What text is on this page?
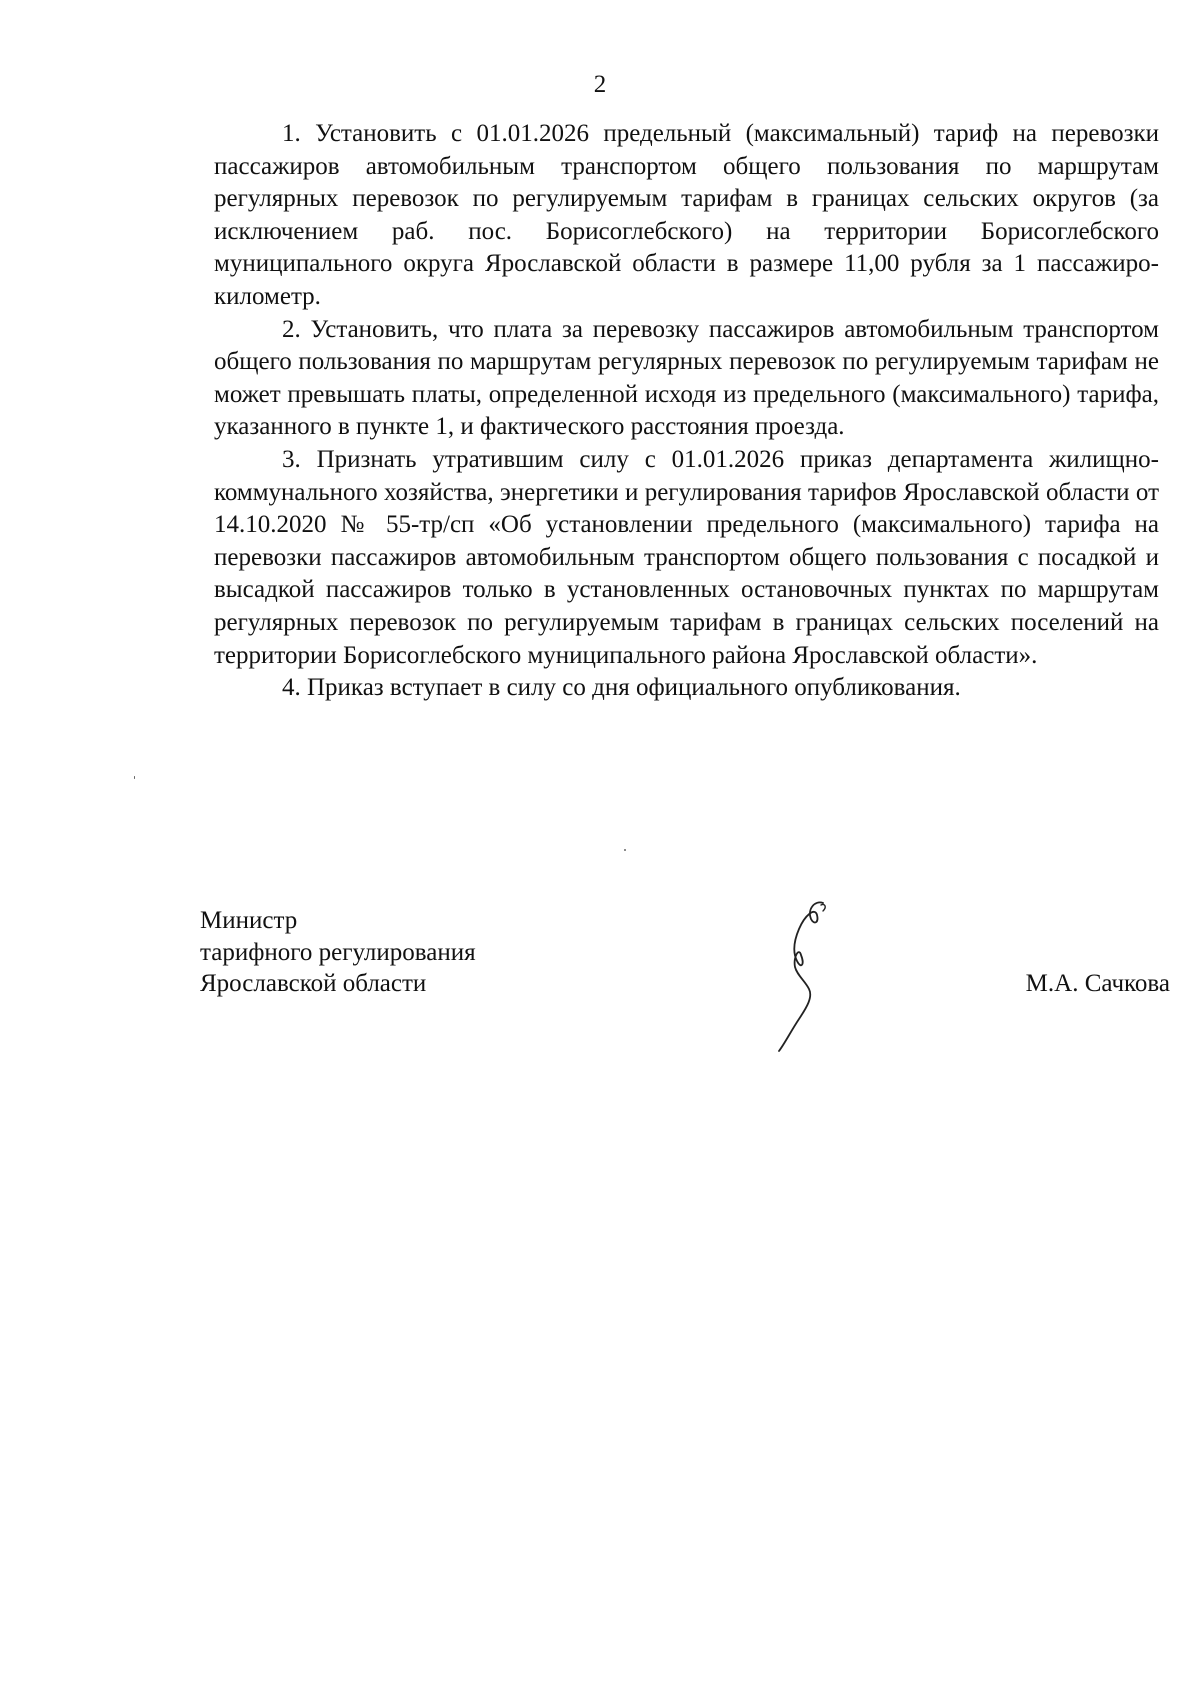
2

1. Установить с 01.01.2026 предельный (максимальный) тариф на перевозки пассажиров автомобильным транспортом общего пользования по маршрутам регулярных перевозок по регулируемым тарифам в границах сельских округов (за исключением раб. пос. Борисоглебского) на территории Борисоглебского муниципального округа Ярославской области в размере 11,00 рубля за 1 пассажиро-километр.

2. Установить, что плата за перевозку пассажиров автомобильным транспортом общего пользования по маршрутам регулярных перевозок по регулируемым тарифам не может превышать платы, определенной исходя из предельного (максимального) тарифа, указанного в пункте 1, и фактического расстояния проезда.

3. Признать утратившим силу с 01.01.2026 приказ департамента жилищно-коммунального хозяйства, энергетики и регулирования тарифов Ярославской области от 14.10.2020 № 55-тр/сп «Об установлении предельного (максимального) тарифа на перевозки пассажиров автомобильным транспортом общего пользования с посадкой и высадкой пассажиров только в установленных остановочных пунктах по маршрутам регулярных перевозок по регулируемым тарифам в границах сельских поселений на территории Борисоглебского муниципального района Ярославской области».

4. Приказ вступает в силу со дня официального опубликования.

Министр
тарифного регулирования
Ярославской области	М.А. Сачкова
